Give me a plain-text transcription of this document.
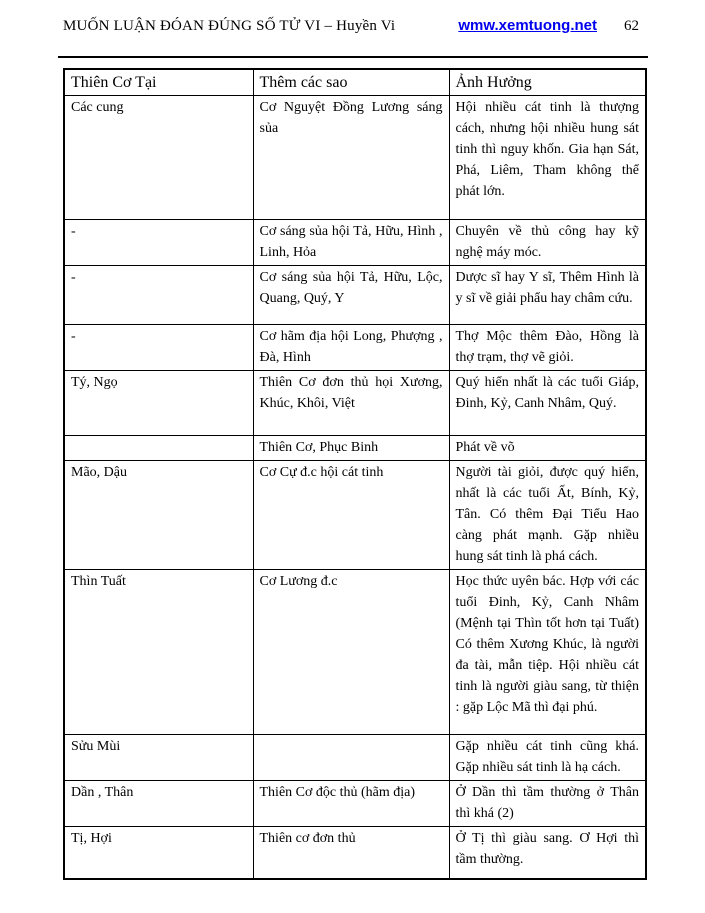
MUỐN LUẬN ĐÓAN ĐÚNG SỐ TỬ VI – Huyền Vi	wmw.xemtuong.net 62
Thiên Cơ Tại	Thêm các sao	Ảnh Hưởng
Các cung	Cơ Nguyệt Đồng Lương sáng sủa	Hội nhiều cát tinh là thượng cách, nhưng hội nhiều hung sát tinh thì nguy khốn. Gia hạn Sát, Phá, Liêm, Tham không thể phát lớn.
-	Cơ sáng sủa hội Tả, Hữu, Hình , Linh, Hỏa	Chuyên về thủ công hay kỹ nghệ máy móc.
-	Cơ sáng sủa hội Tả, Hữu, Lộc, Quang, Quý, Y	Dược sĩ hay Y sĩ, Thêm Hình là y sĩ về giải phẩu hay châm cứu.
-	Cơ hãm địa hội Long, Phượng , Đà, Hình	Thợ Mộc thêm Đào, Hồng là thợ trạm, thợ vẽ giỏi.
Tý, Ngọ	Thiên Cơ đơn thủ họi Xương, Khúc, Khôi, Việt	Quý hiển nhất là các tuổi Giáp, Đinh, Kỷ, Canh Nhâm, Quý.
	Thiên Cơ, Phục Binh	Phát về võ
Mão, Dậu	Cơ Cự đ.c hội cát tinh	Người tài giỏi, được quý hiển, nhất là các tuổi Ất, Bính, Kỷ, Tân. Có thêm Đại Tiểu Hao càng phát mạnh. Gặp nhiều hung sát tinh là phá cách.
Thìn Tuất	Cơ Lương đ.c	Học thức uyên bác. Hợp với các tuổi Đinh, Kỷ, Canh Nhâm (Mệnh tại Thìn tốt hơn tại Tuất) Có thêm Xương Khúc, là người đa tài, mẫn tiệp. Hội nhiều cát tinh là người giàu sang, từ thiện : gặp Lộc Mã thì đại phú.
Sửu Mùi		Gặp nhiều cát tinh cũng khá. Gặp nhiều sát tinh là hạ cách.
Dần , Thân	Thiên Cơ độc thủ (hãm địa)	Ở Dần thì tầm thường ở Thân thì khá (2)
Tị, Hợi	Thiên cơ đơn thủ	Ở Tị thì giàu sang. Ơ Hợi thì tầm thường.
